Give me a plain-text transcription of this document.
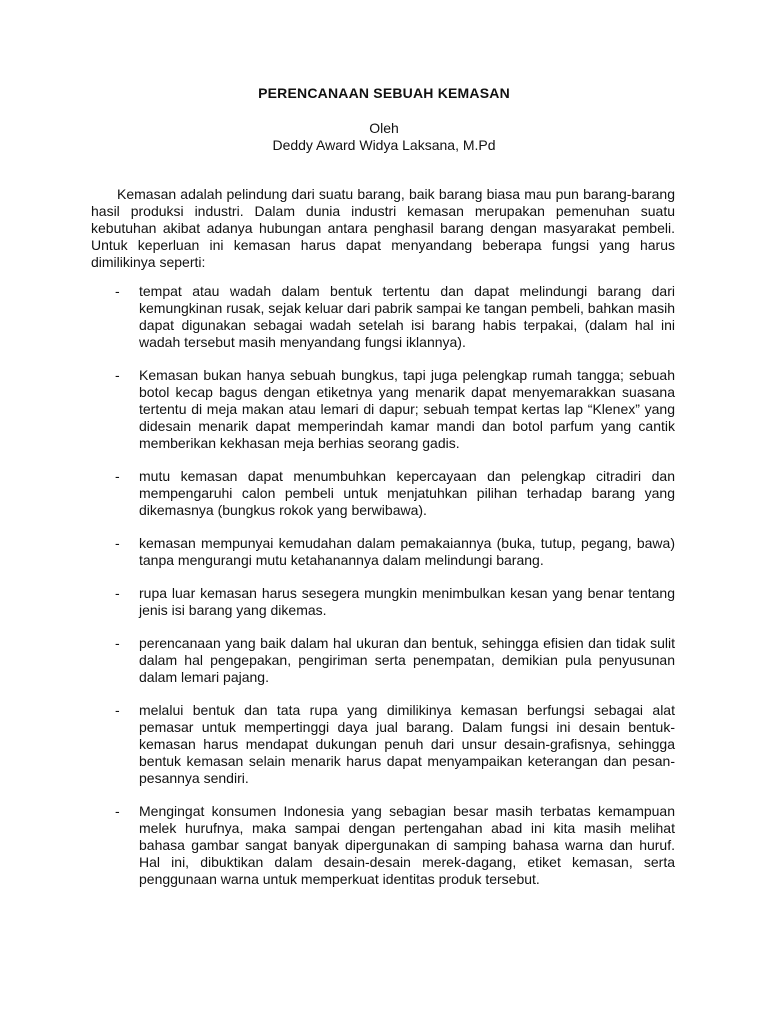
PERENCANAAN SEBUAH KEMASAN
Oleh
Deddy Award Widya Laksana, M.Pd

Kemasan adalah pelindung dari suatu barang, baik barang biasa mau pun barang-barang hasil produksi industri. Dalam dunia industri kemasan merupakan pemenuhan suatu kebutuhan akibat adanya hubungan antara penghasil barang dengan masyarakat pembeli. Untuk keperluan ini kemasan harus dapat menyandang beberapa fungsi yang harus dimilikinya seperti:

- tempat atau wadah dalam bentuk tertentu dan dapat melindungi barang dari kemungkinan rusak, sejak keluar dari pabrik sampai ke tangan pembeli, bahkan masih dapat digunakan sebagai wadah setelah isi barang habis terpakai, (dalam hal ini wadah tersebut masih menyandang fungsi iklannya).
- Kemasan bukan hanya sebuah bungkus, tapi juga pelengkap rumah tangga; sebuah botol kecap bagus dengan etiketnya yang menarik dapat menyemarakkan suasana tertentu di meja makan atau lemari di dapur; sebuah tempat kertas lap “Klenex” yang didesain menarik dapat memperindah kamar mandi dan botol parfum yang cantik memberikan kekhasan meja berhias seorang gadis.
- mutu kemasan dapat menumbuhkan kepercayaan dan pelengkap citradiri dan mempengaruhi calon pembeli untuk menjatuhkan pilihan terhadap barang yang dikemasnya (bungkus rokok yang berwibawa).
- kemasan mempunyai kemudahan dalam pemakaiannya (buka, tutup, pegang, bawa) tanpa mengurangi mutu ketahanannya dalam melindungi barang.
- rupa luar kemasan harus sesegera mungkin menimbulkan kesan yang benar tentang jenis isi barang yang dikemas.
- perencanaan yang baik dalam hal ukuran dan bentuk, sehingga efisien dan tidak sulit dalam hal pengepakan, pengiriman serta penempatan, demikian pula penyusunan dalam lemari pajang.
- melalui bentuk dan tata rupa yang dimilikinya kemasan berfungsi sebagai alat pemasar untuk mempertinggi daya jual barang. Dalam fungsi ini desain bentuk-kemasan harus mendapat dukungan penuh dari unsur desain-grafisnya, sehingga bentuk kemasan selain menarik harus dapat menyampaikan keterangan dan pesan-pesannya sendiri.
- Mengingat konsumen Indonesia yang sebagian besar masih terbatas kemampuan melek hurufnya, maka sampai dengan pertengahan abad ini kita masih melihat bahasa gambar sangat banyak dipergunakan di samping bahasa warna dan huruf. Hal ini, dibuktikan dalam desain-desain merek-dagang, etiket kemasan, serta penggunaan warna untuk memperkuat identitas produk tersebut.
